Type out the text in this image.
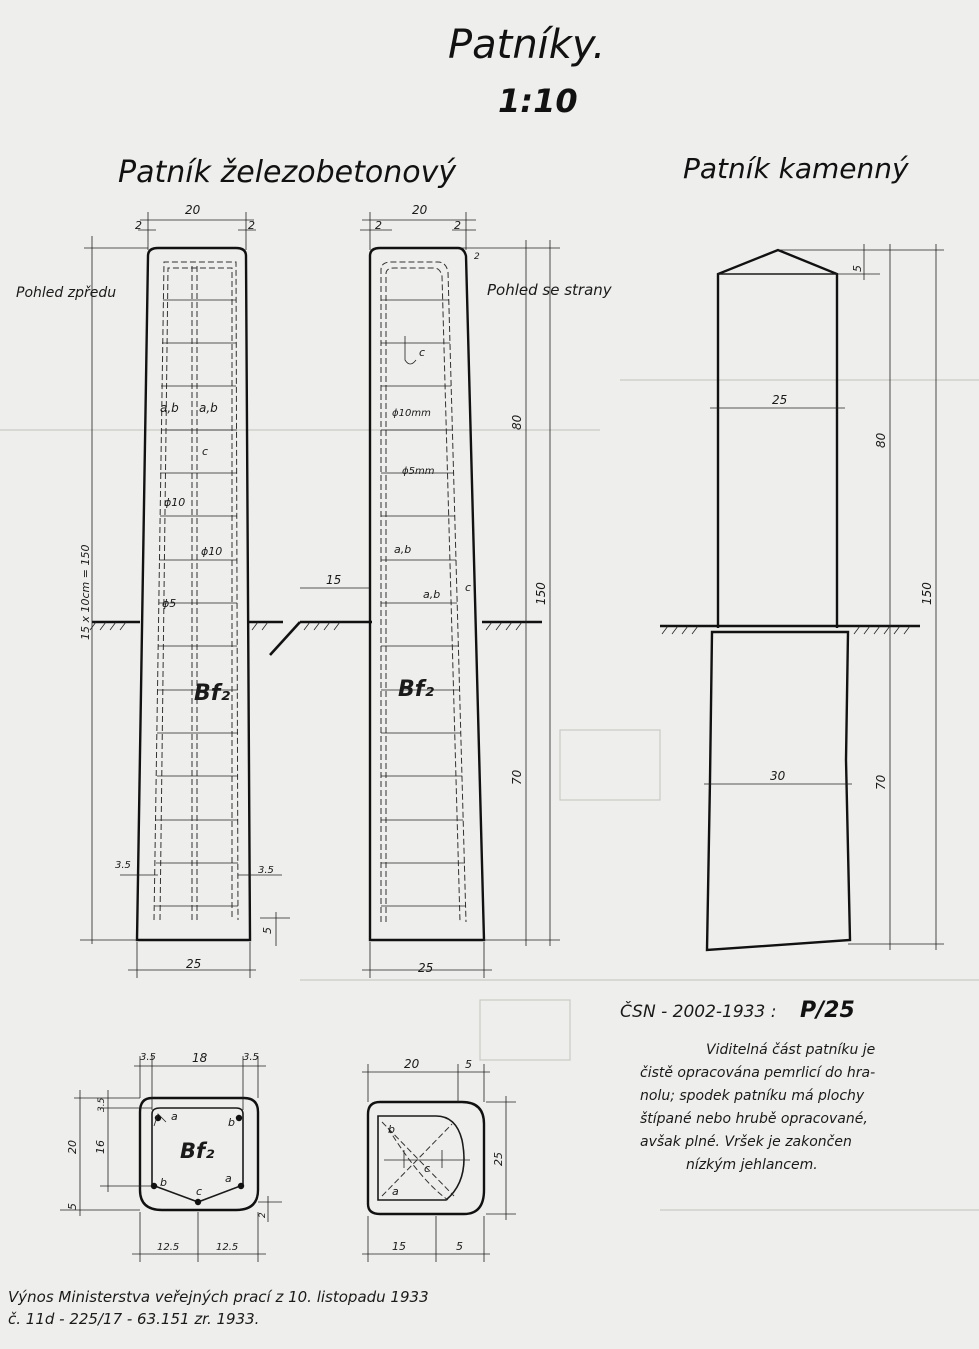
Patníky.
1:10
Patník železobetonový	Patník kamenný
Pohled zpředu	Pohled se strany
20
2	2
15 x 10cm = 150
3.5	3.5
5
25
a,b a,b
c
ϕ10
ϕ10
ϕ5
Bf₂
15
20
2	2
2
80
150
70
25
c
ϕ10mm
ϕ5mm
a,b
a,b
c
Bf₂
25
30
5
80
150
70
ČSN - 2002-1933 : P/25
Viditelná část patníku je
čistě opracována pemrlicí do hra-
nolu; spodek patníku má plochy
štípané nebo hrubě opracované,
avšak plné. Vršek je zakončen
nízkým jehlancem.
a	b
b	a
c
Bf₂
3.5	18	3.5
20
3.5
16
5
2
12.5	12.5
b
c
a
20	5
25
15	5
Výnos Ministerstva veřejných prací z 10. listopadu 1933
č. 11d - 225/17 - 63.151 zr. 1933.
